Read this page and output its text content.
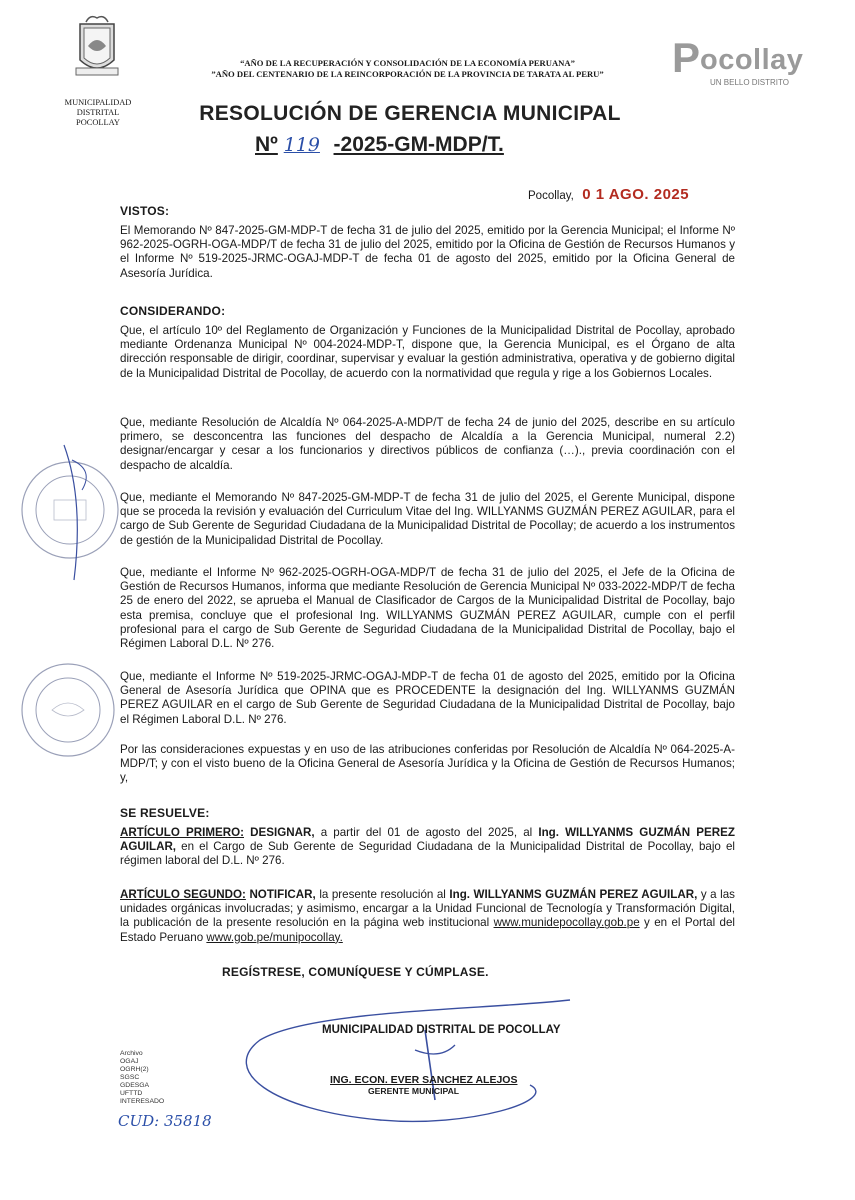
MUNICIPALIDAD
DISTRITAL
POCOLLAY
“AÑO DE LA RECUPERACIÓN Y CONSOLIDACIÓN DE LA ECONOMÍA PERUANA”
”AÑO DEL CENTENARIO DE LA REINCORPORACIÓN DE LA PROVINCIA DE TARATA AL PERU”	P ocollay
UN BELLO DISTRITO
RESOLUCIÓN DE GERENCIA MUNICIPAL
Nº 119 -2025-GM-MDP/T.
Pocollay, 0 1 AGO. 2025
VISTOS:
El Memorando Nº 847-2025-GM-MDP-T de fecha 31 de julio del 2025, emitido por la Gerencia Municipal; el Informe Nº 962-2025-OGRH-OGA-MDP/T de fecha 31 de julio del 2025, emitido por la Oficina de Gestión de Recursos Humanos y el Informe Nº 519-2025-JRMC-OGAJ-MDP-T de fecha 01 de agosto del 2025, emitido por la Oficina General de Asesoría Jurídica.
CONSIDERANDO:
Que, el artículo 10º del Reglamento de Organización y Funciones de la Municipalidad Distrital de Pocollay, aprobado mediante Ordenanza Municipal Nº 004-2024-MDP-T, dispone que, la Gerencia Municipal, es el Órgano de alta dirección responsable de dirigir, coordinar, supervisar y evaluar la gestión administrativa, operativa y de gobierno digital de la Municipalidad Distrital de Pocollay, de acuerdo con la normatividad que regula y rige a los Gobiernos Locales.
Que, mediante Resolución de Alcaldía Nº 064-2025-A-MDP/T de fecha 24 de junio del 2025, describe en su artículo primero, se desconcentra las funciones del despacho de Alcaldía a la Gerencia Municipal, numeral 2.2) designar/encargar y cesar a los funcionarios y directivos públicos de confianza (…)., previa coordinación con el despacho de alcaldía.
Que, mediante el Memorando Nº 847-2025-GM-MDP-T de fecha 31 de julio del 2025, el Gerente Municipal, dispone que se proceda la revisión y evaluación del Curriculum Vitae del Ing. WILLYANMS GUZMÁN PEREZ AGUILAR, para el cargo de Sub Gerente de Seguridad Ciudadana de la Municipalidad Distrital de Pocollay; de acuerdo a los instrumentos de gestión de la Municipalidad Distrital de Pocollay.
Que, mediante el Informe Nº 962-2025-OGRH-OGA-MDP/T de fecha 31 de julio del 2025, el Jefe de la Oficina de Gestión de Recursos Humanos, informa que mediante Resolución de Gerencia Municipal Nº 033-2022-MDP/T de fecha 25 de enero del 2022, se aprueba el Manual de Clasificador de Cargos de la Municipalidad Distrital de Pocollay, bajo esta premisa, concluye que el profesional Ing. WILLYANMS GUZMÁN PEREZ AGUILAR, cumple con el perfil profesional para el cargo de Sub Gerente de Seguridad Ciudadana de la Municipalidad Distrital de Pocollay, bajo el Régimen Laboral D.L. Nº 276.
Que, mediante el Informe Nº 519-2025-JRMC-OGAJ-MDP-T de fecha 01 de agosto del 2025, emitido por la Oficina General de Asesoría Jurídica que OPINA que es PROCEDENTE la designación del Ing. WILLYANMS GUZMÁN PEREZ AGUILAR en el cargo de Sub Gerente de Seguridad Ciudadana de la Municipalidad Distrital de Pocollay, bajo el Régimen Laboral D.L. Nº 276.
Por las consideraciones expuestas y en uso de las atribuciones conferidas por Resolución de Alcaldía Nº 064-2025-A-MDP/T; y con el visto bueno de la Oficina General de Asesoría Jurídica y la Oficina de Gestión de Recursos Humanos; y,
SE RESUELVE:
ARTÍCULO PRIMERO: DESIGNAR, a partir del 01 de agosto del 2025, al Ing. WILLYANMS GUZMÁN PEREZ AGUILAR, en el Cargo de Sub Gerente de Seguridad Ciudadana de la Municipalidad Distrital de Pocollay, bajo el régimen laboral del D.L. Nº 276.
ARTÍCULO SEGUNDO: NOTIFICAR, la presente resolución al Ing. WILLYANMS GUZMÁN PEREZ AGUILAR, y a las unidades orgánicas involucradas; y asimismo, encargar a la Unidad Funcional de Tecnología y Transformación Digital, la publicación de la presente resolución en la página web institucional www.munidepocollay.gob.pe y en el Portal del Estado Peruano www.gob.pe/munipocollay.
REGÍSTRESE, COMUNÍQUESE Y CÚMPLASE.
MUNICIPALIDAD DISTRITAL DE POCOLLAY
ING. ECON. EVER SANCHEZ ALEJOS
GERENTE MUNICIPAL
Archivo
OGAJ
OGRH(2)
SGSC
GDESGA
UFTTD
INTERESADO
CUD: 35818
